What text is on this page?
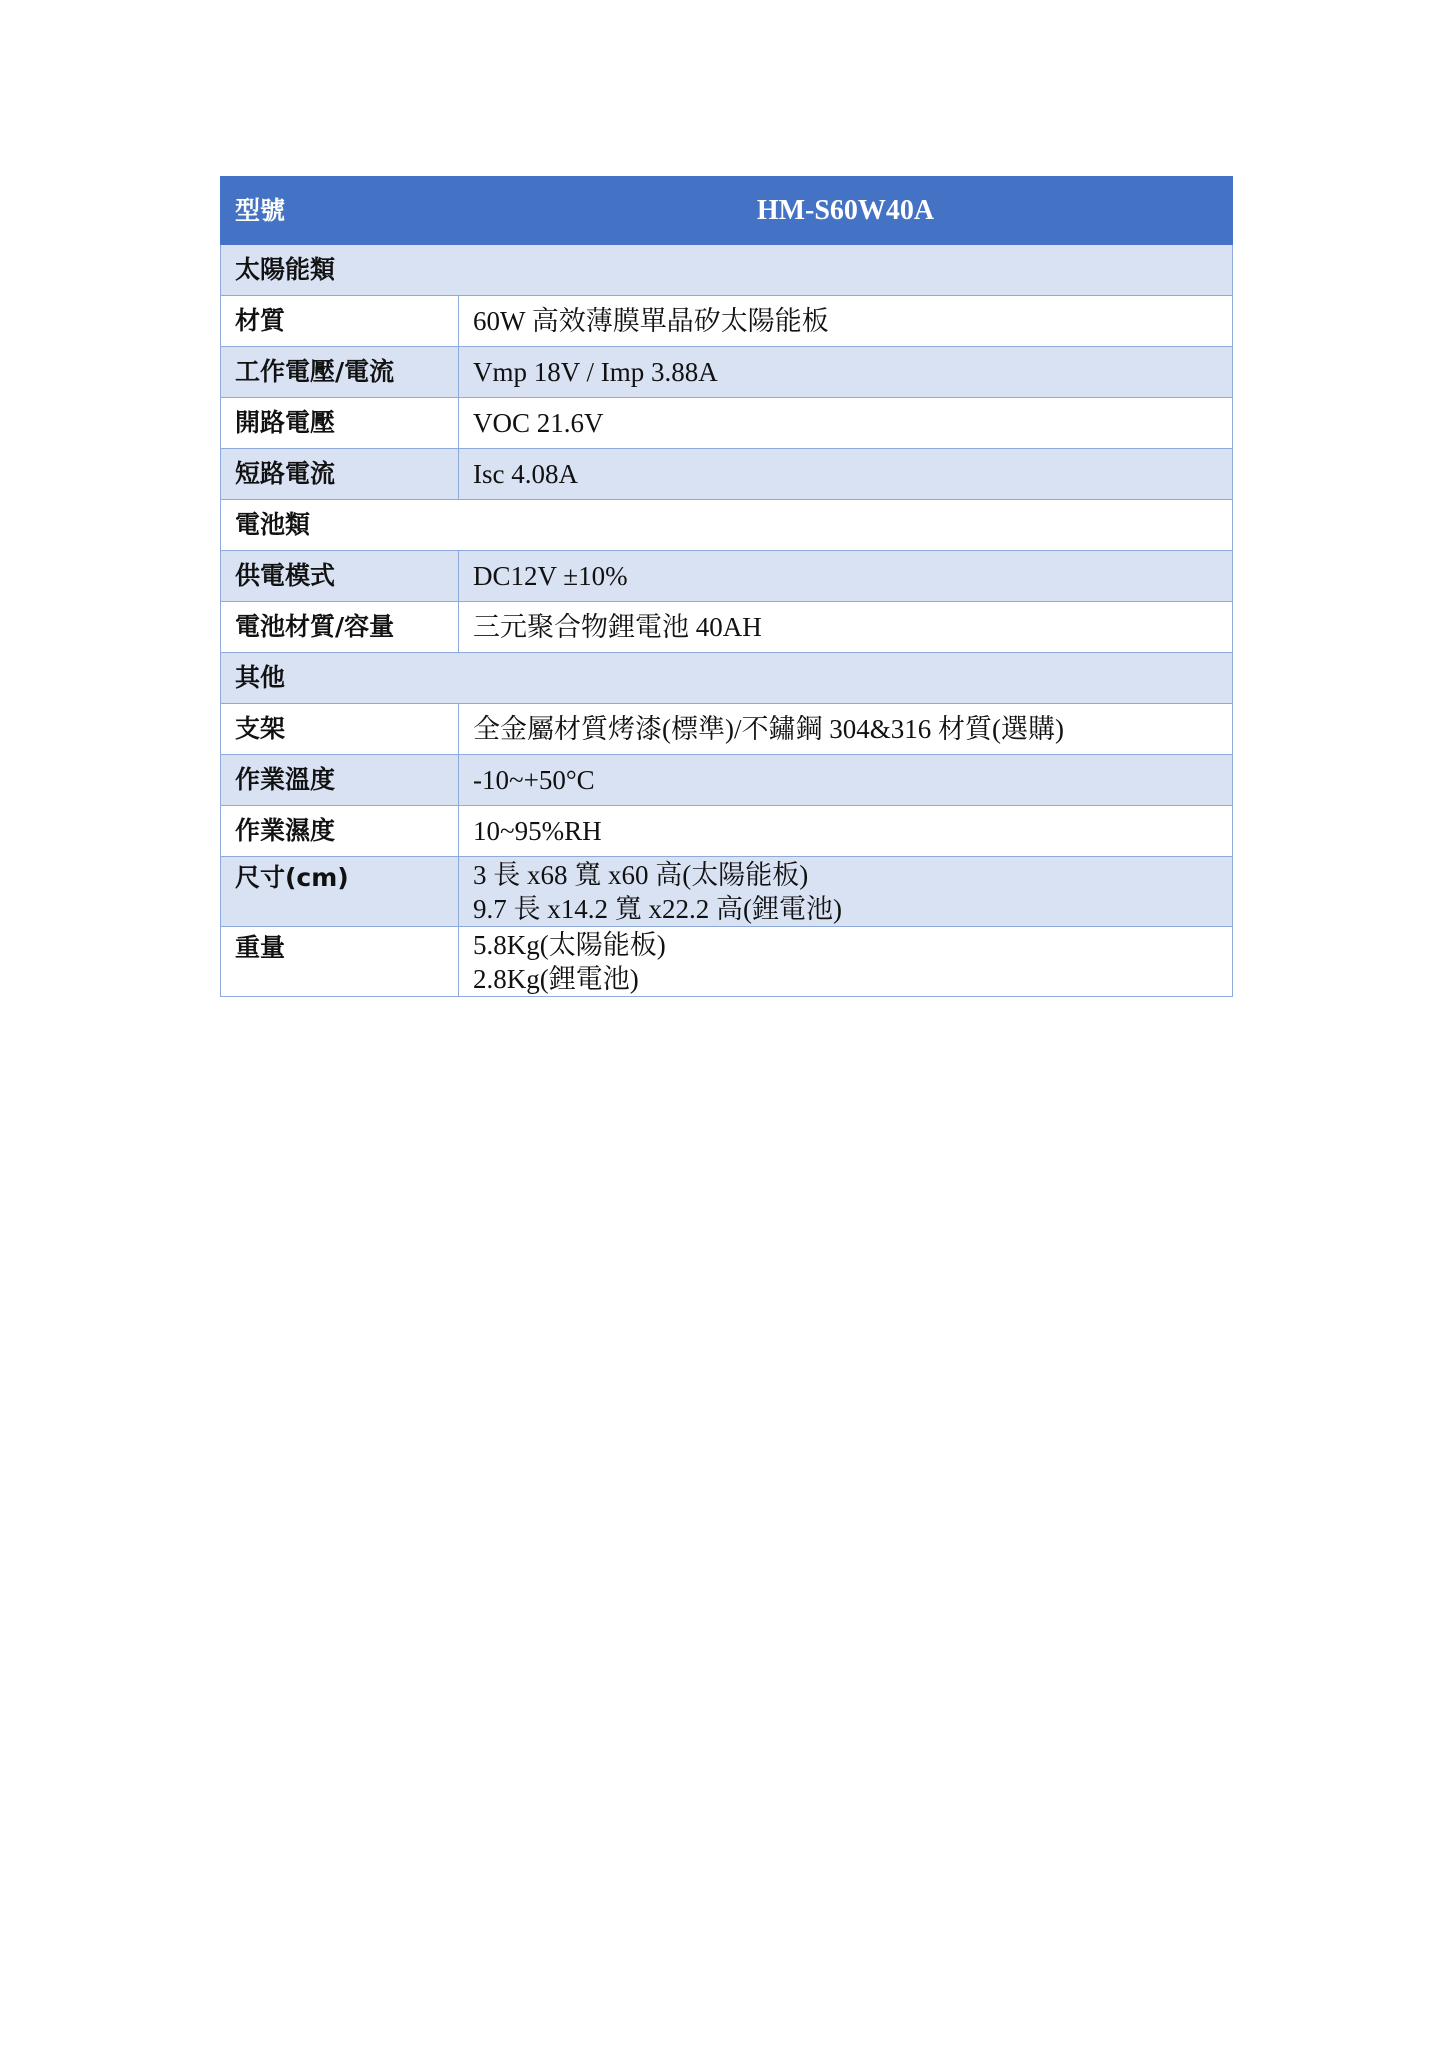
型號	HM-S60W40A
太陽能類	
材質	60W 高效薄膜單晶矽太陽能板
工作電壓/電流	Vmp 18V / Imp 3.88A
開路電壓	VOC 21.6V
短路電流	Isc 4.08A
電池類	
供電模式	DC12V ±10%
電池材質/容量	三元聚合物鋰電池 40AH
其他	
支架	全金屬材質烤漆(標準)/不鏽鋼 304&316 材質(選購)
作業溫度	-10~+50°C
作業濕度	10~95%RH
尺寸(cm)	3 長 x68 寬 x60 高(太陽能板)
9.7 長 x14.2 寬 x22.2 高(鋰電池)

重量	5.8Kg(太陽能板)
2.8Kg(鋰電池)
